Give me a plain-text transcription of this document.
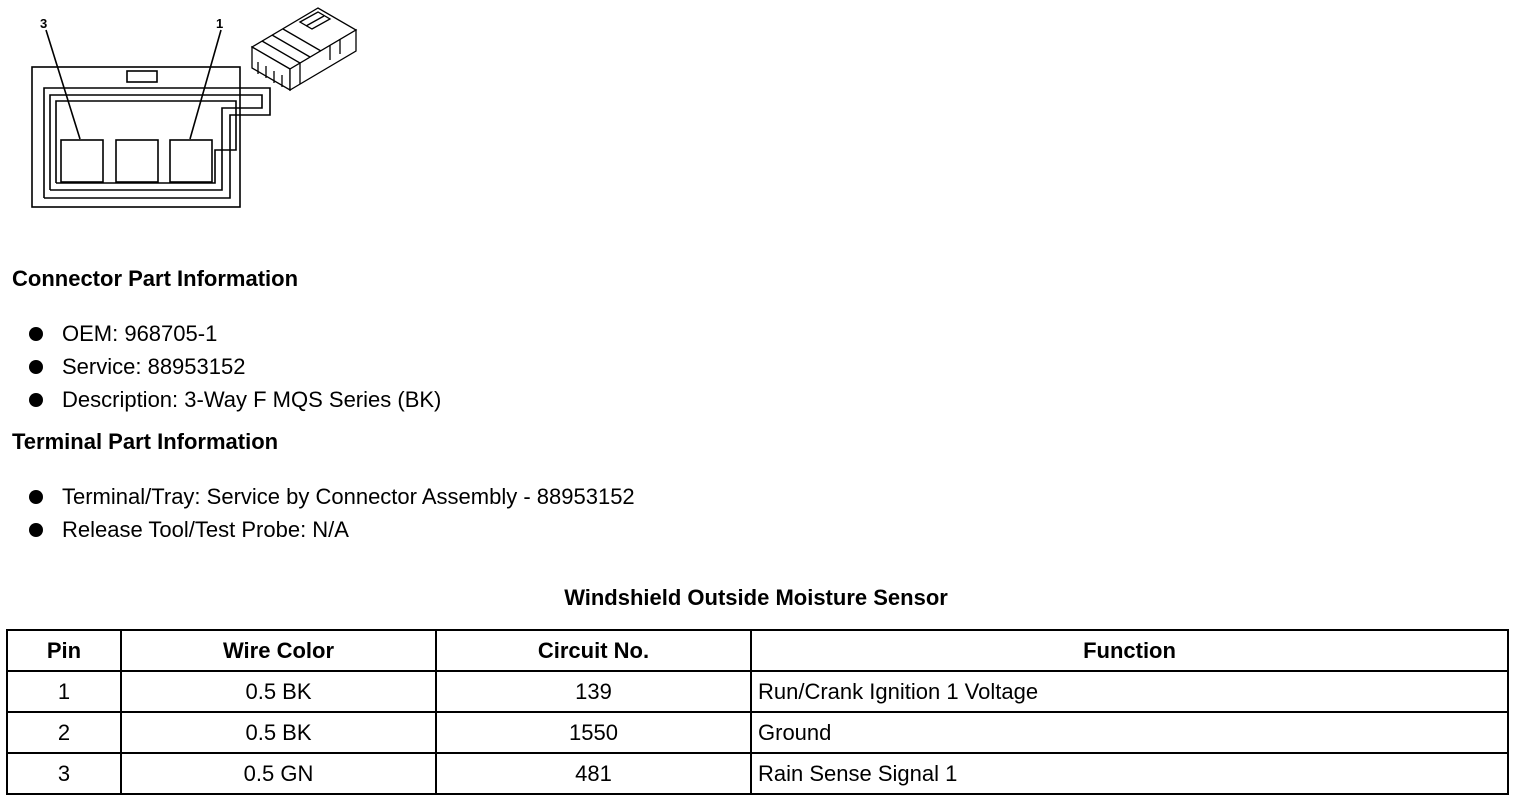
3	1
Connector Part Information
OEM: 968705-1
Service: 88953152
Description: 3-Way F MQS Series (BK)
Terminal Part Information
Terminal/Tray: Service by Connector Assembly - 88953152
Release Tool/Test Probe: N/A
Windshield Outside Moisture Sensor
Pin	Wire Color	Circuit No.	Function
1	0.5 BK	139	Run/Crank Ignition 1 Voltage
2	0.5 BK	1550	Ground
3	0.5 GN	481	Rain Sense Signal 1
